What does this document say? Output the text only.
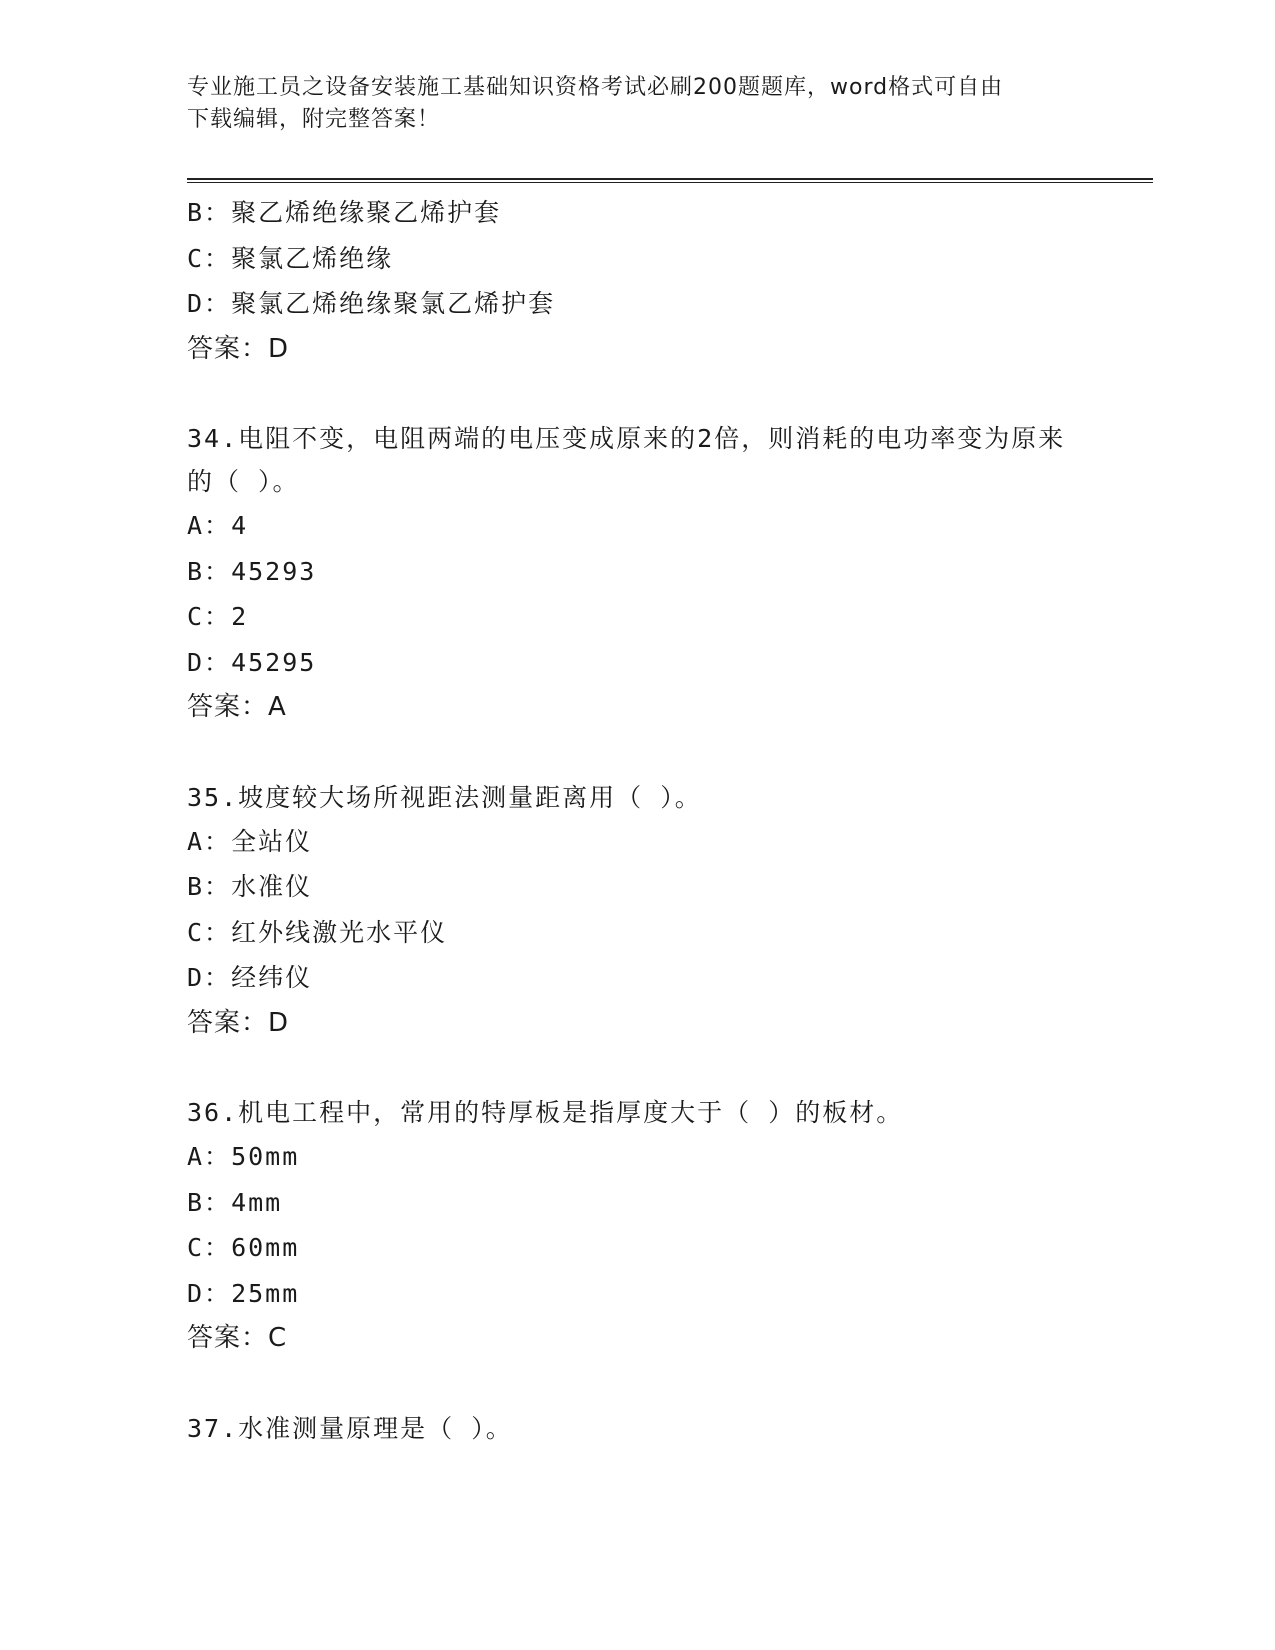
专业施工员之设备安装施工基础知识资格考试必刷200题题库，word格式可自由
下载编辑，附完整答案！
B：聚乙烯绝缘聚乙烯护套
C：聚氯乙烯绝缘
D：聚氯乙烯绝缘聚氯乙烯护套
答案：D
34.电阻不变，电阻两端的电压变成原来的2倍，则消耗的电功率变为原来的（ ）。
A：4
B：45293
C：2
D：45295
答案：A
35.坡度较大场所视距法测量距离用（ ）。
A：全站仪
B：水准仪
C：红外线激光水平仪
D：经纬仪
答案：D
36.机电工程中，常用的特厚板是指厚度大于（ ）的板材。
A：50mm
B：4mm
C：60mm
D：25mm
答案：C
37.水准测量原理是（ ）。
